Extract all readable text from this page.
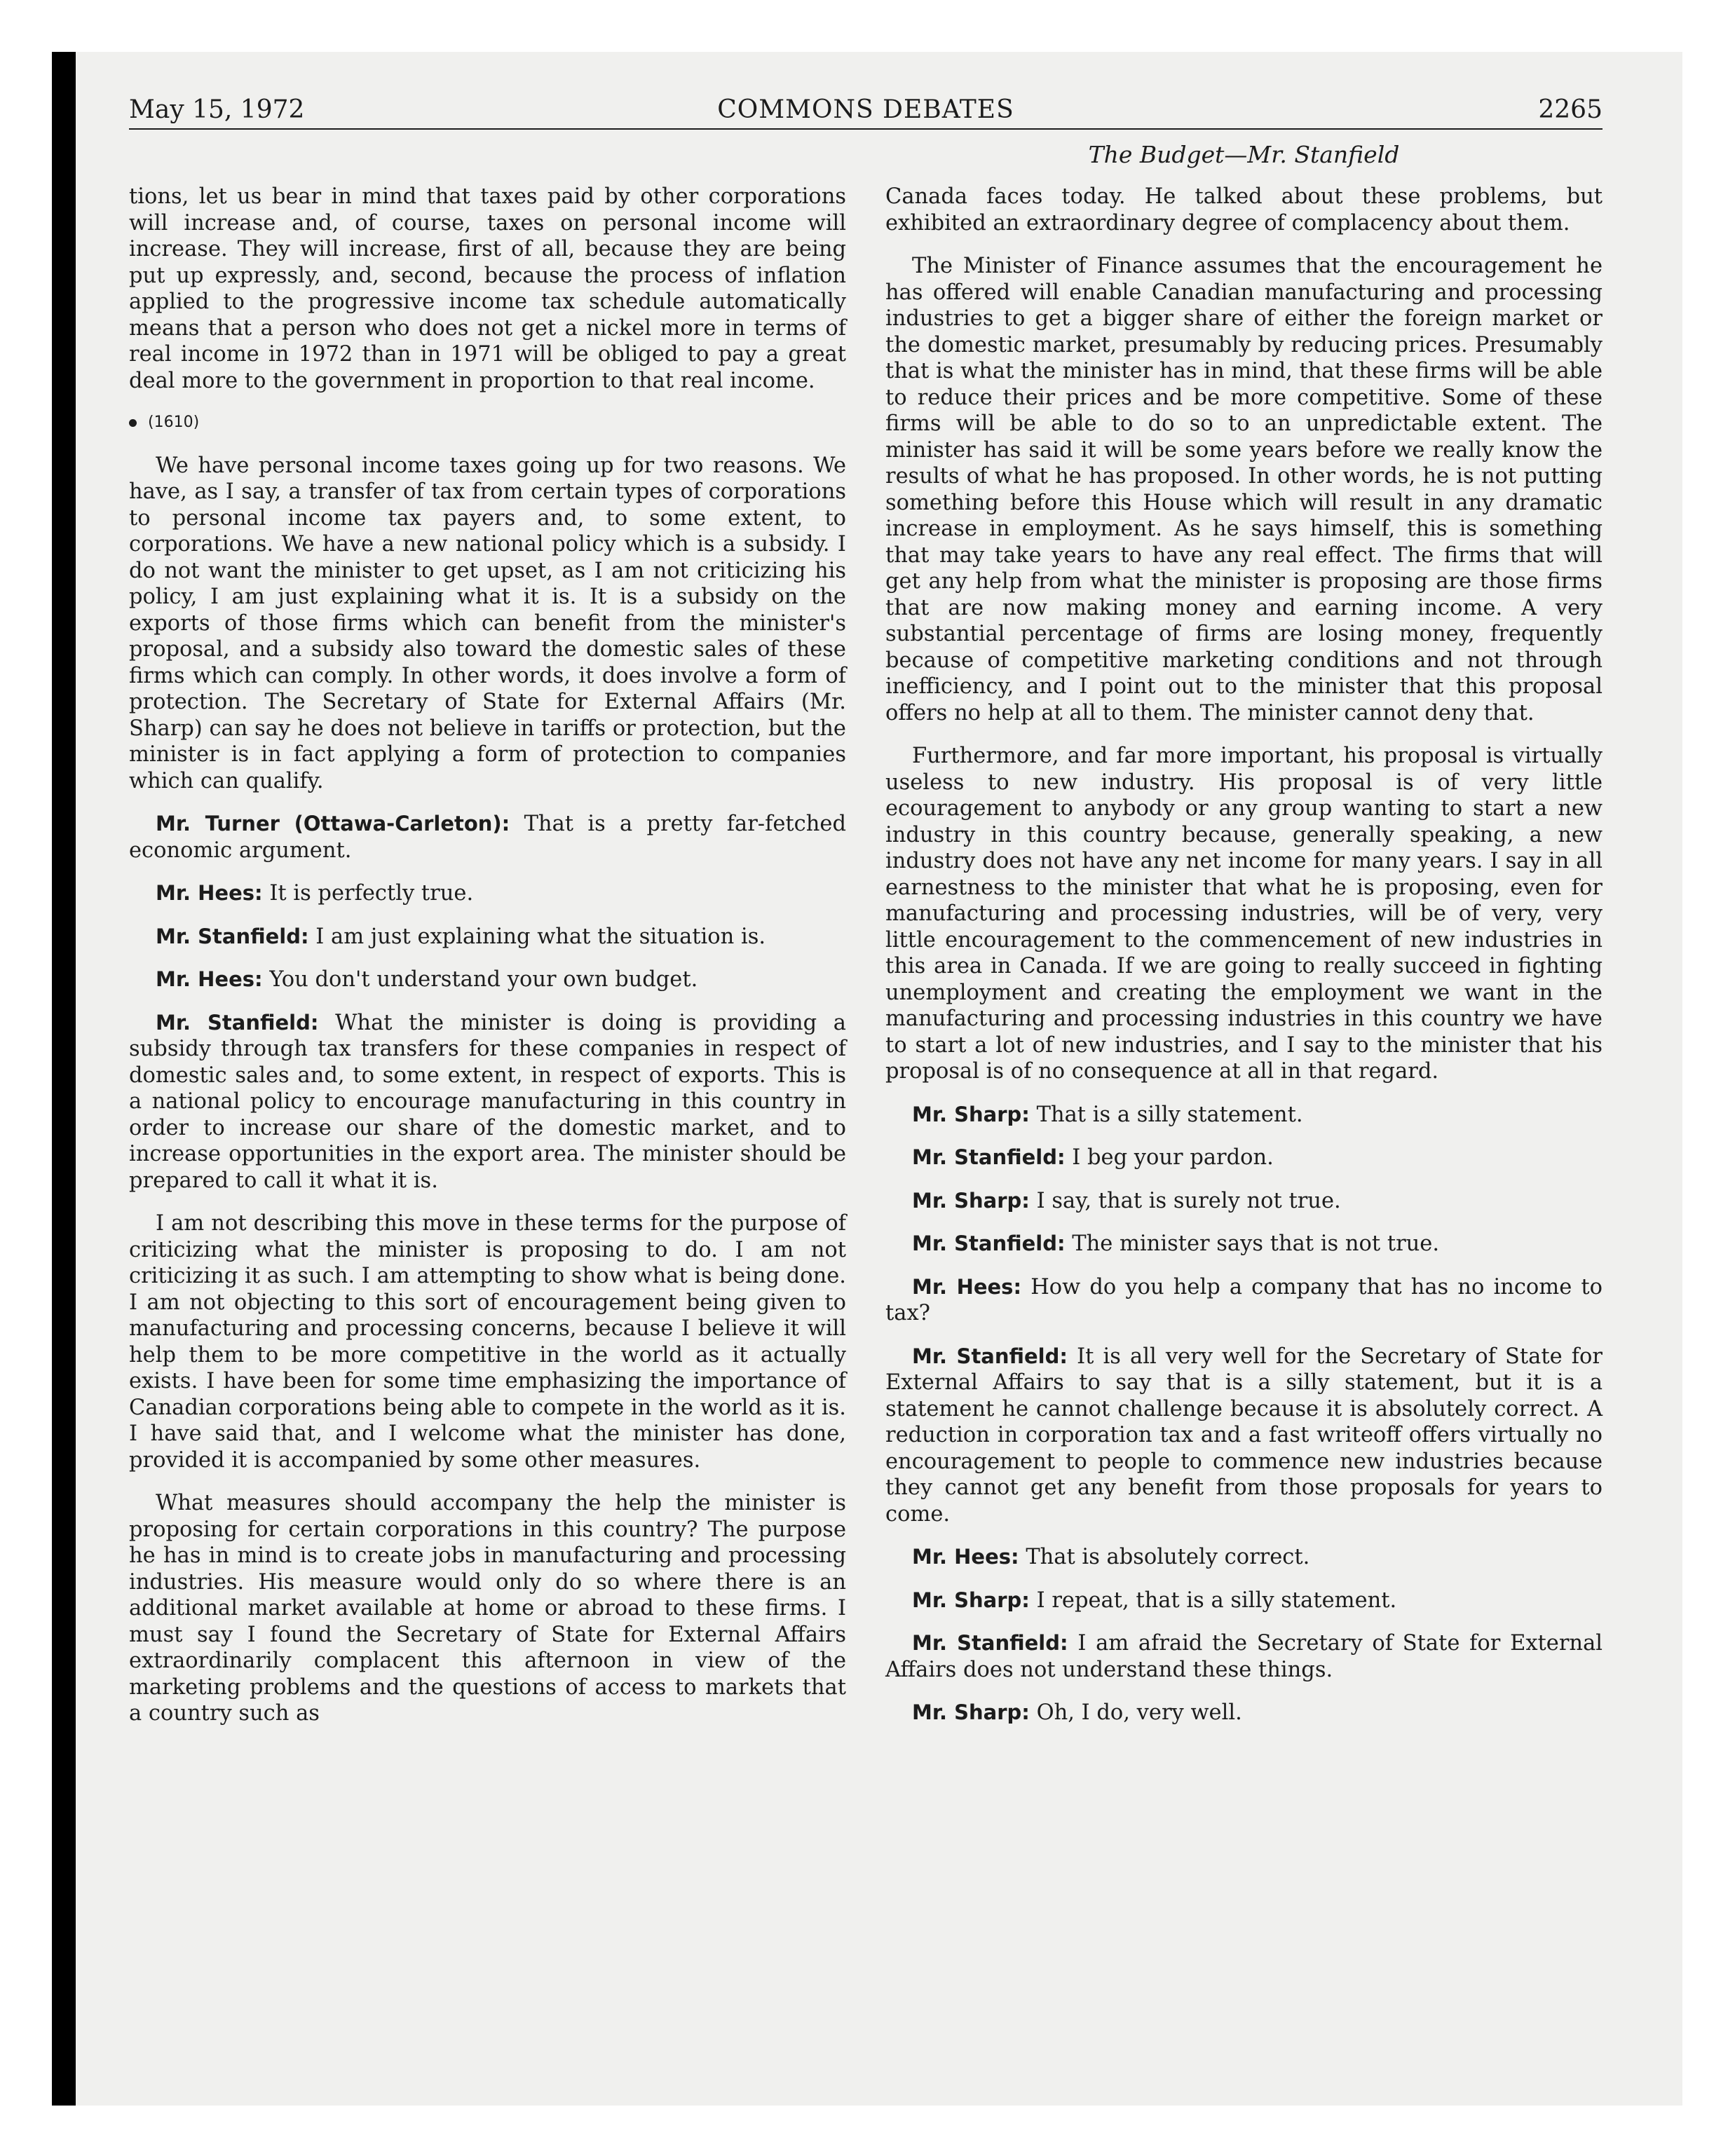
May 15, 1972	COMMONS DEBATES	2265
The Budget—Mr. Stanfield

tions, let us bear in mind that taxes paid by other corporations will increase and, of course, taxes on personal income will increase. They will increase, first of all, because they are being put up expressly, and, second, because the process of inflation applied to the progressive income tax schedule automatically means that a person who does not get a nickel more in terms of real income in 1972 than in 1971 will be obliged to pay a great deal more to the government in proportion to that real income.

(1610)

We have personal income taxes going up for two reasons. We have, as I say, a transfer of tax from certain types of corporations to personal income tax payers and, to some extent, to corporations. We have a new national policy which is a subsidy. I do not want the minister to get upset, as I am not criticizing his policy, I am just explaining what it is. It is a subsidy on the exports of those firms which can benefit from the minister's proposal, and a subsidy also toward the domestic sales of these firms which can comply. In other words, it does involve a form of protection. The Secretary of State for External Affairs (Mr. Sharp) can say he does not believe in tariffs or protection, but the minister is in fact applying a form of protection to companies which can qualify.

Mr. Turner (Ottawa-Carleton): That is a pretty far-fetched economic argument.

Mr. Hees: It is perfectly true.

Mr. Stanfield: I am just explaining what the situation is.

Mr. Hees: You don't understand your own budget.

Mr. Stanfield: What the minister is doing is providing a subsidy through tax transfers for these companies in respect of domestic sales and, to some extent, in respect of exports. This is a national policy to encourage manufacturing in this country in order to increase our share of the domestic market, and to increase opportunities in the export area. The minister should be prepared to call it what it is.

I am not describing this move in these terms for the purpose of criticizing what the minister is proposing to do. I am not criticizing it as such. I am attempting to show what is being done. I am not objecting to this sort of encouragement being given to manufacturing and processing concerns, because I believe it will help them to be more competitive in the world as it actually exists. I have been for some time emphasizing the importance of Canadian corporations being able to compete in the world as it is. I have said that, and I welcome what the minister has done, provided it is accompanied by some other measures.

What measures should accompany the help the minister is proposing for certain corporations in this country? The purpose he has in mind is to create jobs in manufacturing and processing industries. His measure would only do so where there is an additional market available at home or abroad to these firms. I must say I found the Secretary of State for External Affairs extraordinarily complacent this afternoon in view of the marketing problems and the questions of access to markets that a country such as

Canada faces today. He talked about these problems, but exhibited an extraordinary degree of complacency about them.

The Minister of Finance assumes that the encouragement he has offered will enable Canadian manufacturing and processing industries to get a bigger share of either the foreign market or the domestic market, presumably by reducing prices. Presumably that is what the minister has in mind, that these firms will be able to reduce their prices and be more competitive. Some of these firms will be able to do so to an unpredictable extent. The minister has said it will be some years before we really know the results of what he has proposed. In other words, he is not putting something before this House which will result in any dramatic increase in employment. As he says himself, this is something that may take years to have any real effect. The firms that will get any help from what the minister is proposing are those firms that are now making money and earning income. A very substantial percentage of firms are losing money, frequently because of competitive marketing conditions and not through inefficiency, and I point out to the minister that this proposal offers no help at all to them. The minister cannot deny that.

Furthermore, and far more important, his proposal is virtually useless to new industry. His proposal is of very little ecouragement to anybody or any group wanting to start a new industry in this country because, generally speaking, a new industry does not have any net income for many years. I say in all earnestness to the minister that what he is proposing, even for manufacturing and processing industries, will be of very, very little encouragement to the commencement of new industries in this area in Canada. If we are going to really succeed in fighting unemployment and creating the employment we want in the manufacturing and processing industries in this country we have to start a lot of new industries, and I say to the minister that his proposal is of no consequence at all in that regard.

Mr. Sharp: That is a silly statement.

Mr. Stanfield: I beg your pardon.

Mr. Sharp: I say, that is surely not true.

Mr. Stanfield: The minister says that is not true.

Mr. Hees: How do you help a company that has no income to tax?

Mr. Stanfield: It is all very well for the Secretary of State for External Affairs to say that is a silly statement, but it is a statement he cannot challenge because it is absolutely correct. A reduction in corporation tax and a fast writeoff offers virtually no encouragement to people to commence new industries because they cannot get any benefit from those proposals for years to come.

Mr. Hees: That is absolutely correct.

Mr. Sharp: I repeat, that is a silly statement.

Mr. Stanfield: I am afraid the Secretary of State for External Affairs does not understand these things.

Mr. Sharp: Oh, I do, very well.
